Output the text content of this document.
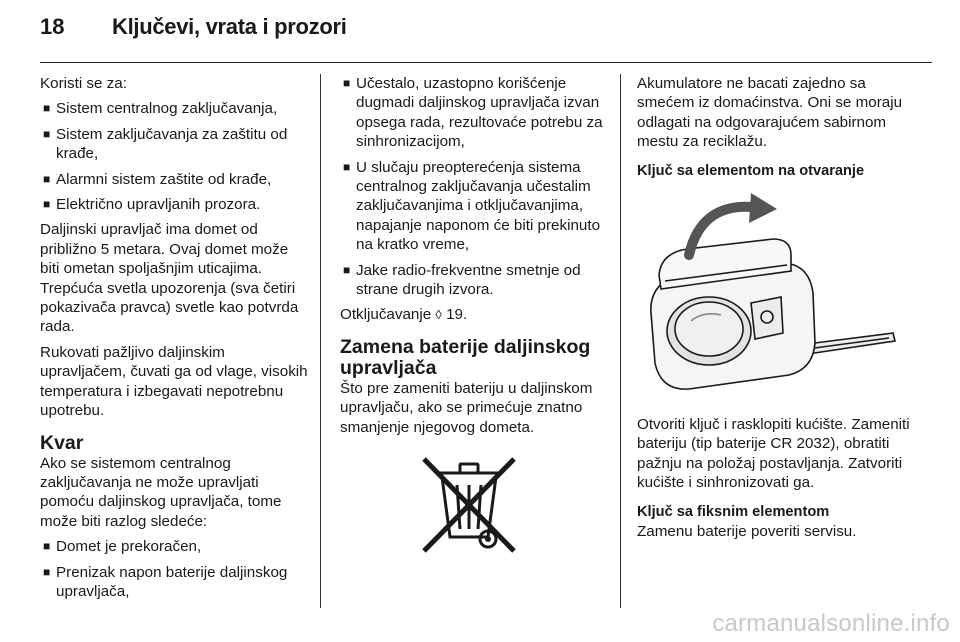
18 Ključevi, vrata i prozori

Koristi se za:

■ Sistem centralnog zaključavanja,
■ Sistem zaključavanja za zaštitu od krađe,
■ Alarmni sistem zaštite od krađe,
■ Električno upravljanih prozora.

Daljinski upravljač ima domet od približno 5 metara. Ovaj domet može biti ometan spoljašnjim uticajima. Trepćuća svetla upozorenja (sva četiri pokazivača pravca) svetle kao potvrda rada.

Rukovati pažljivo daljinskim upravljačem, čuvati ga od vlage, visokih temperatura i izbegavati nepotrebnu upotrebu.

Kvar

Ako se sistemom centralnog zaključavanja ne može upravljati pomoću daljinskog upravljača, tome može biti razlog sledeće:

■ Domet je prekoračen,
■ Prenizak napon baterije daljinskog upravljača,
■ Učestalo, uzastopno korišćenje dugmadi daljinskog upravljača izvan opsega rada, rezultovaće potrebu za sinhronizacijom,
■ U slučaju preopterećenja sistema centralnog zaključavanja učestalim zaključavanjima i otključavanjima, napajanje naponom će biti prekinuto na kratko vreme,
■ Jake radio-frekventne smetnje od strane drugih izvora.

Otključavanje ◊ 19.

Zamena baterije daljinskog upravljača

Što pre zameniti bateriju u daljinskom upravljaču, ako se primećuje znatno smanjenje njegovog dometa.

Akumulatore ne bacati zajedno sa smećem iz domaćinstva. Oni se moraju odlagati na odgovarajućem sabirnom mestu za reciklažu.

Ključ sa elementom na otvaranje

Otvoriti ključ i rasklopiti kućište. Zameniti bateriju (tip baterije CR 2032), obratiti pažnju na položaj postavljanja. Zatvoriti kućište i sinhronizovati ga.

Ključ sa fiksnim elementom

Zamenu baterije poveriti servisu.

carmanualsonline.info
